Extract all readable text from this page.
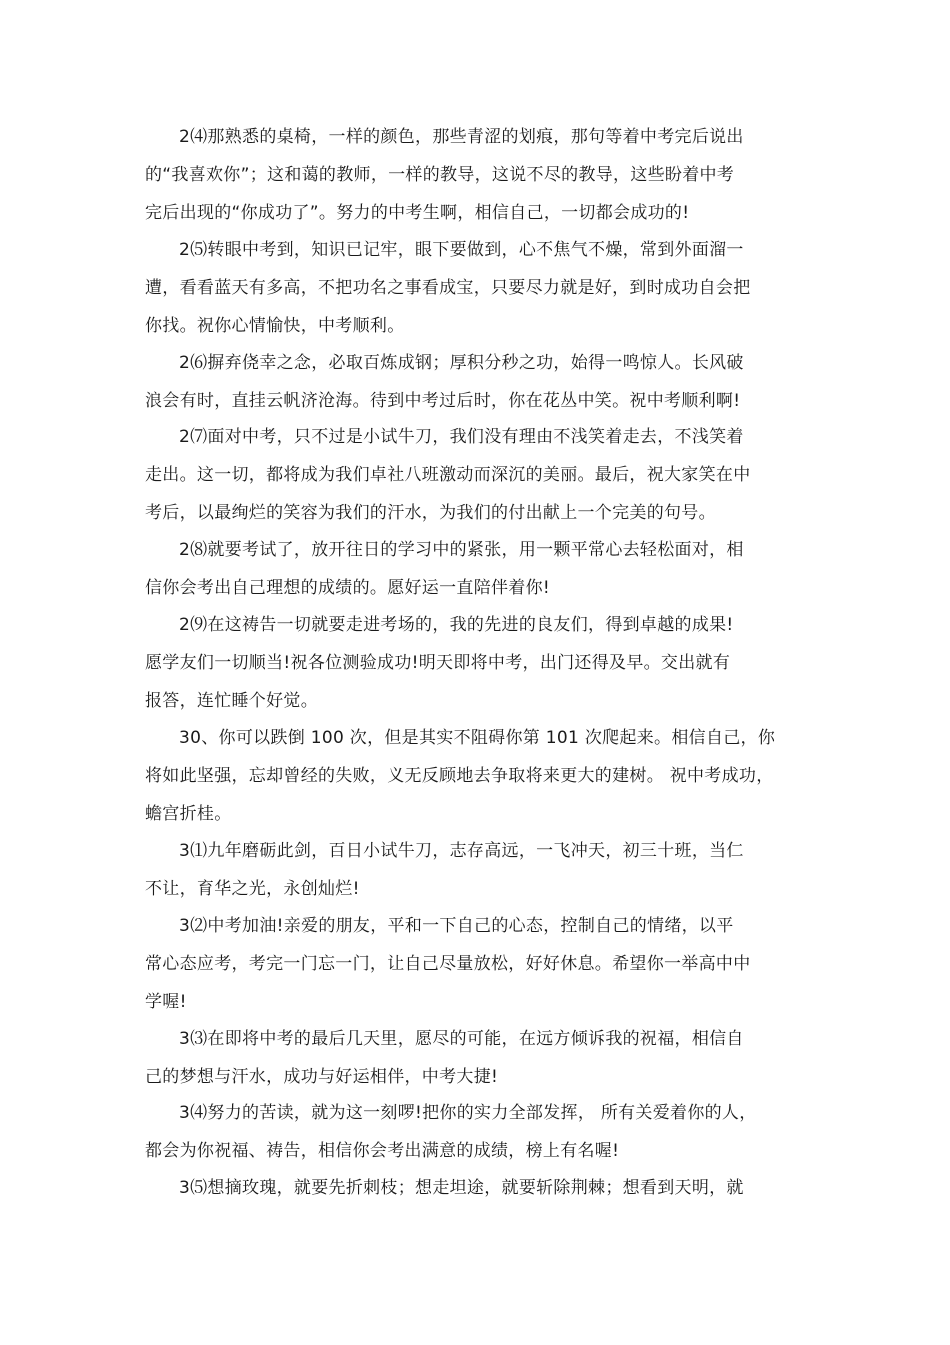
2⑷那熟悉的桌椅，一样的颜色，那些青涩的划痕，那句等着中考完后说出
的“我喜欢你”；这和蔼的教师，一样的教导，这说不尽的教导，这些盼着中考
完后出现的“你成功了”。努力的中考生啊，相信自己，一切都会成功的!
2⑸转眼中考到，知识已记牢，眼下要做到，心不焦气不燥，常到外面溜一
遭，看看蓝天有多高，不把功名之事看成宝，只要尽力就是好，到时成功自会把
你找。祝你心情愉快，中考顺利。
2⑹摒弃侥幸之念，必取百炼成钢；厚积分秒之功，始得一鸣惊人。长风破
浪会有时，直挂云帆济沧海。待到中考过后时，你在花丛中笑。祝中考顺利啊!
2⑺面对中考，只不过是小试牛刀，我们没有理由不浅笑着走去，不浅笑着
走出。这一切，都将成为我们卓社八班激动而深沉的美丽。最后，祝大家笑在中
考后，以最绚烂的笑容为我们的汗水，为我们的付出献上一个完美的句号。
2⑻就要考试了，放开往日的学习中的紧张，用一颗平常心去轻松面对，相
信你会考出自己理想的成绩的。愿好运一直陪伴着你!
2⑼在这祷告一切就要走进考场的，我的先进的良友们，得到卓越的成果!
愿学友们一切顺当!祝各位测验成功!明天即将中考，出门还得及早。交出就有
报答，连忙睡个好觉。
30、你可以跌倒 100 次，但是其实不阻碍你第 101 次爬起来。相信自己，你
将如此坚强，忘却曾经的失败，义无反顾地去争取将来更大的建树。 祝中考成功，
蟾宫折桂。
3⑴九年磨砺此剑，百日小试牛刀，志存高远，一飞冲天，初三十班，当仁
不让，育华之光，永创灿烂!
3⑵中考加油!亲爱的朋友，平和一下自己的心态，控制自己的情绪，以平
常心态应考，考完一门忘一门，让自己尽量放松，好好休息。希望你一举高中中
学喔!
3⑶在即将中考的最后几天里，愿尽的可能，在远方倾诉我的祝福，相信自
己的梦想与汗水，成功与好运相伴，中考大捷!
3⑷努力的苦读，就为这一刻啰!把你的实力全部发挥， 所有关爱着你的人，
都会为你祝福、祷告，相信你会考出满意的成绩，榜上有名喔!
3⑸想摘玫瑰，就要先折刺枝；想走坦途，就要斩除荆棘；想看到天明，就
